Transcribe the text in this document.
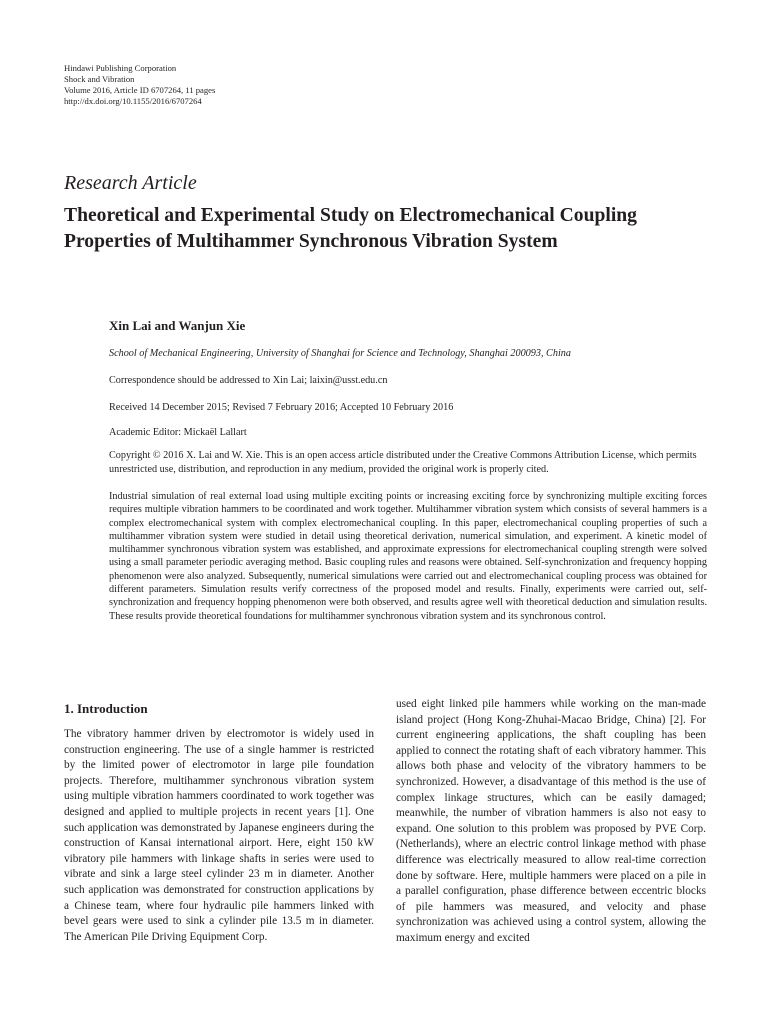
Hindawi Publishing Corporation
Shock and Vibration
Volume 2016, Article ID 6707264, 11 pages
http://dx.doi.org/10.1155/2016/6707264
Research Article
Theoretical and Experimental Study on Electromechanical Coupling Properties of Multihammer Synchronous Vibration System
Xin Lai and Wanjun Xie
School of Mechanical Engineering, University of Shanghai for Science and Technology, Shanghai 200093, China
Correspondence should be addressed to Xin Lai; laixin@usst.edu.cn
Received 14 December 2015; Revised 7 February 2016; Accepted 10 February 2016
Academic Editor: Mickaël Lallart
Copyright © 2016 X. Lai and W. Xie. This is an open access article distributed under the Creative Commons Attribution License, which permits unrestricted use, distribution, and reproduction in any medium, provided the original work is properly cited.
Industrial simulation of real external load using multiple exciting points or increasing exciting force by synchronizing multiple exciting forces requires multiple vibration hammers to be coordinated and work together. Multihammer vibration system which consists of several hammers is a complex electromechanical system with complex electromechanical coupling. In this paper, electromechanical coupling properties of such a multihammer vibration system were studied in detail using theoretical derivation, numerical simulation, and experiment. A kinetic model of multihammer synchronous vibration system was established, and approximate expressions for electromechanical coupling strength were solved using a small parameter periodic averaging method. Basic coupling rules and reasons were obtained. Self-synchronization and frequency hopping phenomenon were also analyzed. Subsequently, numerical simulations were carried out and electromechanical coupling process was obtained for different parameters. Simulation results verify correctness of the proposed model and results. Finally, experiments were carried out, self-synchronization and frequency hopping phenomenon were both observed, and results agree well with theoretical deduction and simulation results. These results provide theoretical foundations for multihammer synchronous vibration system and its synchronous control.
1. Introduction

The vibratory hammer driven by electromotor is widely used in construction engineering. The use of a single hammer is restricted by the limited power of electromotor in large pile foundation projects. Therefore, multihammer synchronous vibration system using multiple vibration hammers coordinated to work together was designed and applied to multiple projects in recent years [1]. One such application was demonstrated by Japanese engineers during the construction of Kansai international airport. Here, eight 150 kW vibratory pile hammers with linkage shafts in series were used to vibrate and sink a large steel cylinder 23 m in diameter. Another such application was demonstrated for construction applications by a Chinese team, where four hydraulic pile hammers linked with bevel gears were used to sink a cylinder pile 13.5 m in diameter. The American Pile Driving Equipment Corp.

used eight linked pile hammers while working on the man-made island project (Hong Kong-Zhuhai-Macao Bridge, China) [2]. For current engineering applications, the shaft coupling has been applied to connect the rotating shaft of each vibratory hammer. This allows both phase and velocity of the vibratory hammers to be synchronized. However, a disadvantage of this method is the use of complex linkage structures, which can be easily damaged; meanwhile, the number of vibration hammers is also not easy to expand. One solution to this problem was proposed by PVE Corp. (Netherlands), where an electric control linkage method with phase difference was electrically measured to allow real-time correction done by software. Here, multiple hammers were placed on a pile in a parallel configuration, phase difference between eccentric blocks of pile hammers was measured, and velocity and phase synchronization was achieved using a control system, allowing the maximum energy and excited
